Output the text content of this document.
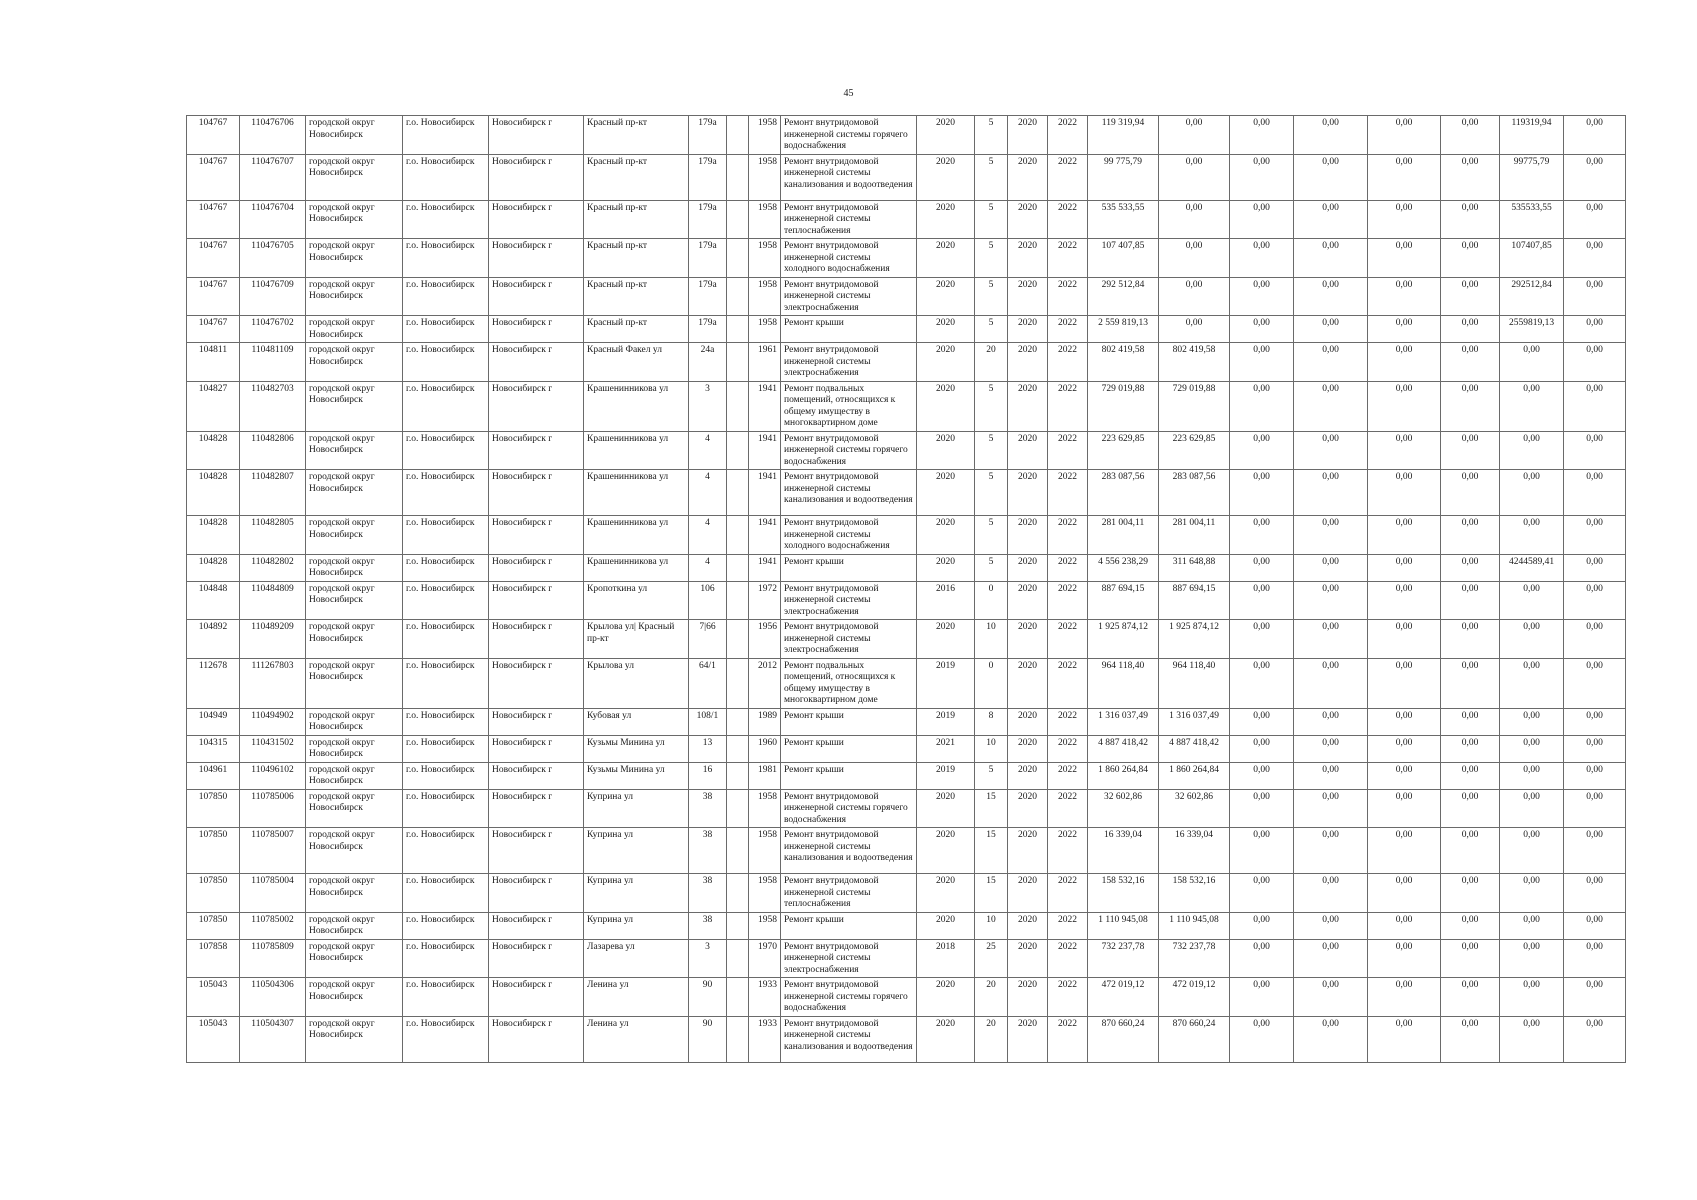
45
104767	110476706	городской округ Новосибирск	г.о. Новосибирск	Новосибирск г	Красный пр-кт	179а		1958	Ремонт внутридомовой инженерной системы горячего водоснабжения	2020	5	2020	2022	119 319,94	0,00	0,00	0,00	0,00	0,00	119319,94	0,00
104767	110476707	городской округ Новосибирск	г.о. Новосибирск	Новосибирск г	Красный пр-кт	179а		1958	Ремонт внутридомовой инженерной системы канализования и водоотведения	2020	5	2020	2022	99 775,79	0,00	0,00	0,00	0,00	0,00	99775,79	0,00
104767	110476704	городской округ Новосибирск	г.о. Новосибирск	Новосибирск г	Красный пр-кт	179а		1958	Ремонт внутридомовой инженерной системы теплоснабжения	2020	5	2020	2022	535 533,55	0,00	0,00	0,00	0,00	0,00	535533,55	0,00
104767	110476705	городской округ Новосибирск	г.о. Новосибирск	Новосибирск г	Красный пр-кт	179а		1958	Ремонт внутридомовой инженерной системы холодного водоснабжения	2020	5	2020	2022	107 407,85	0,00	0,00	0,00	0,00	0,00	107407,85	0,00
104767	110476709	городской округ Новосибирск	г.о. Новосибирск	Новосибирск г	Красный пр-кт	179а		1958	Ремонт внутридомовой инженерной системы электроснабжения	2020	5	2020	2022	292 512,84	0,00	0,00	0,00	0,00	0,00	292512,84	0,00
104767	110476702	городской округ Новосибирск	г.о. Новосибирск	Новосибирск г	Красный пр-кт	179а		1958	Ремонт крыши	2020	5	2020	2022	2 559 819,13	0,00	0,00	0,00	0,00	0,00	2559819,13	0,00
104811	110481109	городской округ Новосибирск	г.о. Новосибирск	Новосибирск г	Красный Факел ул	24а		1961	Ремонт внутридомовой инженерной системы электроснабжения	2020	20	2020	2022	802 419,58	802 419,58	0,00	0,00	0,00	0,00	0,00	0,00
104827	110482703	городской округ Новосибирск	г.о. Новосибирск	Новосибирск г	Крашенинникова ул	3		1941	Ремонт подвальных помещений, относящихся к общему имуществу в многоквартирном доме	2020	5	2020	2022	729 019,88	729 019,88	0,00	0,00	0,00	0,00	0,00	0,00
104828	110482806	городской округ Новосибирск	г.о. Новосибирск	Новосибирск г	Крашенинникова ул	4		1941	Ремонт внутридомовой инженерной системы горячего водоснабжения	2020	5	2020	2022	223 629,85	223 629,85	0,00	0,00	0,00	0,00	0,00	0,00
104828	110482807	городской округ Новосибирск	г.о. Новосибирск	Новосибирск г	Крашенинникова ул	4		1941	Ремонт внутридомовой инженерной системы канализования и водоотведения	2020	5	2020	2022	283 087,56	283 087,56	0,00	0,00	0,00	0,00	0,00	0,00
104828	110482805	городской округ Новосибирск	г.о. Новосибирск	Новосибирск г	Крашенинникова ул	4		1941	Ремонт внутридомовой инженерной системы холодного водоснабжения	2020	5	2020	2022	281 004,11	281 004,11	0,00	0,00	0,00	0,00	0,00	0,00
104828	110482802	городской округ Новосибирск	г.о. Новосибирск	Новосибирск г	Крашенинникова ул	4		1941	Ремонт крыши	2020	5	2020	2022	4 556 238,29	311 648,88	0,00	0,00	0,00	0,00	4244589,41	0,00
104848	110484809	городской округ Новосибирск	г.о. Новосибирск	Новосибирск г	Кропоткина ул	106		1972	Ремонт внутридомовой инженерной системы электроснабжения	2016	0	2020	2022	887 694,15	887 694,15	0,00	0,00	0,00	0,00	0,00	0,00
104892	110489209	городской округ Новосибирск	г.о. Новосибирск	Новосибирск г	Крылова ул| Красный пр-кт	7|66		1956	Ремонт внутридомовой инженерной системы электроснабжения	2020	10	2020	2022	1 925 874,12	1 925 874,12	0,00	0,00	0,00	0,00	0,00	0,00
112678	111267803	городской округ Новосибирск	г.о. Новосибирск	Новосибирск г	Крылова ул	64/1		2012	Ремонт подвальных помещений, относящихся к общему имуществу в многоквартирном доме	2019	0	2020	2022	964 118,40	964 118,40	0,00	0,00	0,00	0,00	0,00	0,00
104949	110494902	городской округ Новосибирск	г.о. Новосибирск	Новосибирск г	Кубовая ул	108/1		1989	Ремонт крыши	2019	8	2020	2022	1 316 037,49	1 316 037,49	0,00	0,00	0,00	0,00	0,00	0,00
104315	110431502	городской округ Новосибирск	г.о. Новосибирск	Новосибирск г	Кузьмы Минина ул	13		1960	Ремонт крыши	2021	10	2020	2022	4 887 418,42	4 887 418,42	0,00	0,00	0,00	0,00	0,00	0,00
104961	110496102	городской округ Новосибирск	г.о. Новосибирск	Новосибирск г	Кузьмы Минина ул	16		1981	Ремонт крыши	2019	5	2020	2022	1 860 264,84	1 860 264,84	0,00	0,00	0,00	0,00	0,00	0,00
107850	110785006	городской округ Новосибирск	г.о. Новосибирск	Новосибирск г	Куприна ул	38		1958	Ремонт внутридомовой инженерной системы горячего водоснабжения	2020	15	2020	2022	32 602,86	32 602,86	0,00	0,00	0,00	0,00	0,00	0,00
107850	110785007	городской округ Новосибирск	г.о. Новосибирск	Новосибирск г	Куприна ул	38		1958	Ремонт внутридомовой инженерной системы канализования и водоотведения	2020	15	2020	2022	16 339,04	16 339,04	0,00	0,00	0,00	0,00	0,00	0,00
107850	110785004	городской округ Новосибирск	г.о. Новосибирск	Новосибирск г	Куприна ул	38		1958	Ремонт внутридомовой инженерной системы теплоснабжения	2020	15	2020	2022	158 532,16	158 532,16	0,00	0,00	0,00	0,00	0,00	0,00
107850	110785002	городской округ Новосибирск	г.о. Новосибирск	Новосибирск г	Куприна ул	38		1958	Ремонт крыши	2020	10	2020	2022	1 110 945,08	1 110 945,08	0,00	0,00	0,00	0,00	0,00	0,00
107858	110785809	городской округ Новосибирск	г.о. Новосибирск	Новосибирск г	Лазарева ул	3		1970	Ремонт внутридомовой инженерной системы электроснабжения	2018	25	2020	2022	732 237,78	732 237,78	0,00	0,00	0,00	0,00	0,00	0,00
105043	110504306	городской округ Новосибирск	г.о. Новосибирск	Новосибирск г	Ленина ул	90		1933	Ремонт внутридомовой инженерной системы горячего водоснабжения	2020	20	2020	2022	472 019,12	472 019,12	0,00	0,00	0,00	0,00	0,00	0,00
105043	110504307	городской округ Новосибирск	г.о. Новосибирск	Новосибирск г	Ленина ул	90		1933	Ремонт внутридомовой инженерной системы канализования и водоотведения	2020	20	2020	2022	870 660,24	870 660,24	0,00	0,00	0,00	0,00	0,00	0,00
